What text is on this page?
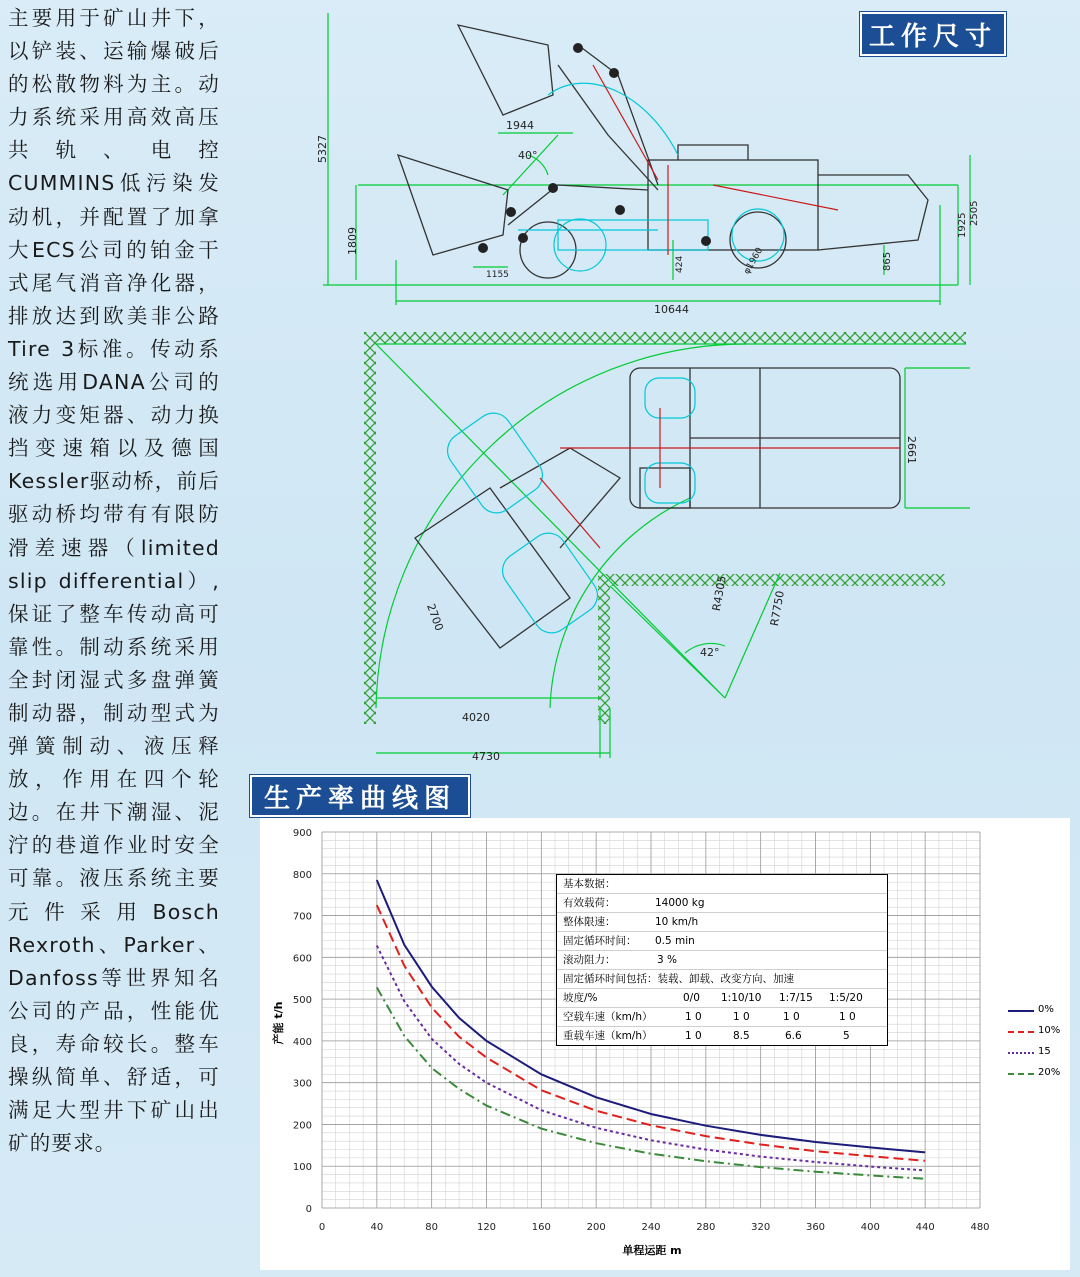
主要用于矿山井下，以铲装、运输爆破后的松散物料为主。动力系统采用高效高压共轨、电控CUMMINS低污染发动机，并配置了加拿大ECS公司的铂金干式尾气消音净化器，排放达到欧美非公路Tire 3标准。传动系统选用DANA公司的液力变矩器、动力换挡变速箱以及德国Kessler驱动桥，前后驱动桥均带有有限防滑差速器（limited slip differential）,保证了整车传动高可靠性。制动系统采用全封闭湿式多盘弹簧制动器，制动型式为弹簧制动、液压释放，作用在四个轮边。在井下潮湿、泥泞的巷道作业时安全可靠。液压系统主要元件采用Bosch Rexroth、Parker、Danfoss等世界知名公司的产品，性能优良，寿命较长。整车操纵简单、舒适，可满足大型井下矿山出矿的要求。
工作尺寸
5327
1944
40°
1809
1155
424	φ1960	865
1925 2505
10644
2661
2700
R4305	R7750
42°
4020
4730
生产率曲线图
0	40	80	120	160	200	240	280	320	360	400	440	480
0
100
200
300
400
500
600
700
800
900
单程运距 m
产能 t/h
基本数据：
有效载荷：	14000 kg
整体限速：	10 km/h
固定循环时间： 0.5 min
滚动阻力：	3 %
固定循环时间包括：装载、卸载、改变方向、加速
坡度/%	0/0 1:10/10 1:7/15 1:5/20
空载车速（km/h）	1 0	1 0	1 0	1 0
重载车速（km/h）	1 0	8.5	6.6	5
0%
10%
15
20%
